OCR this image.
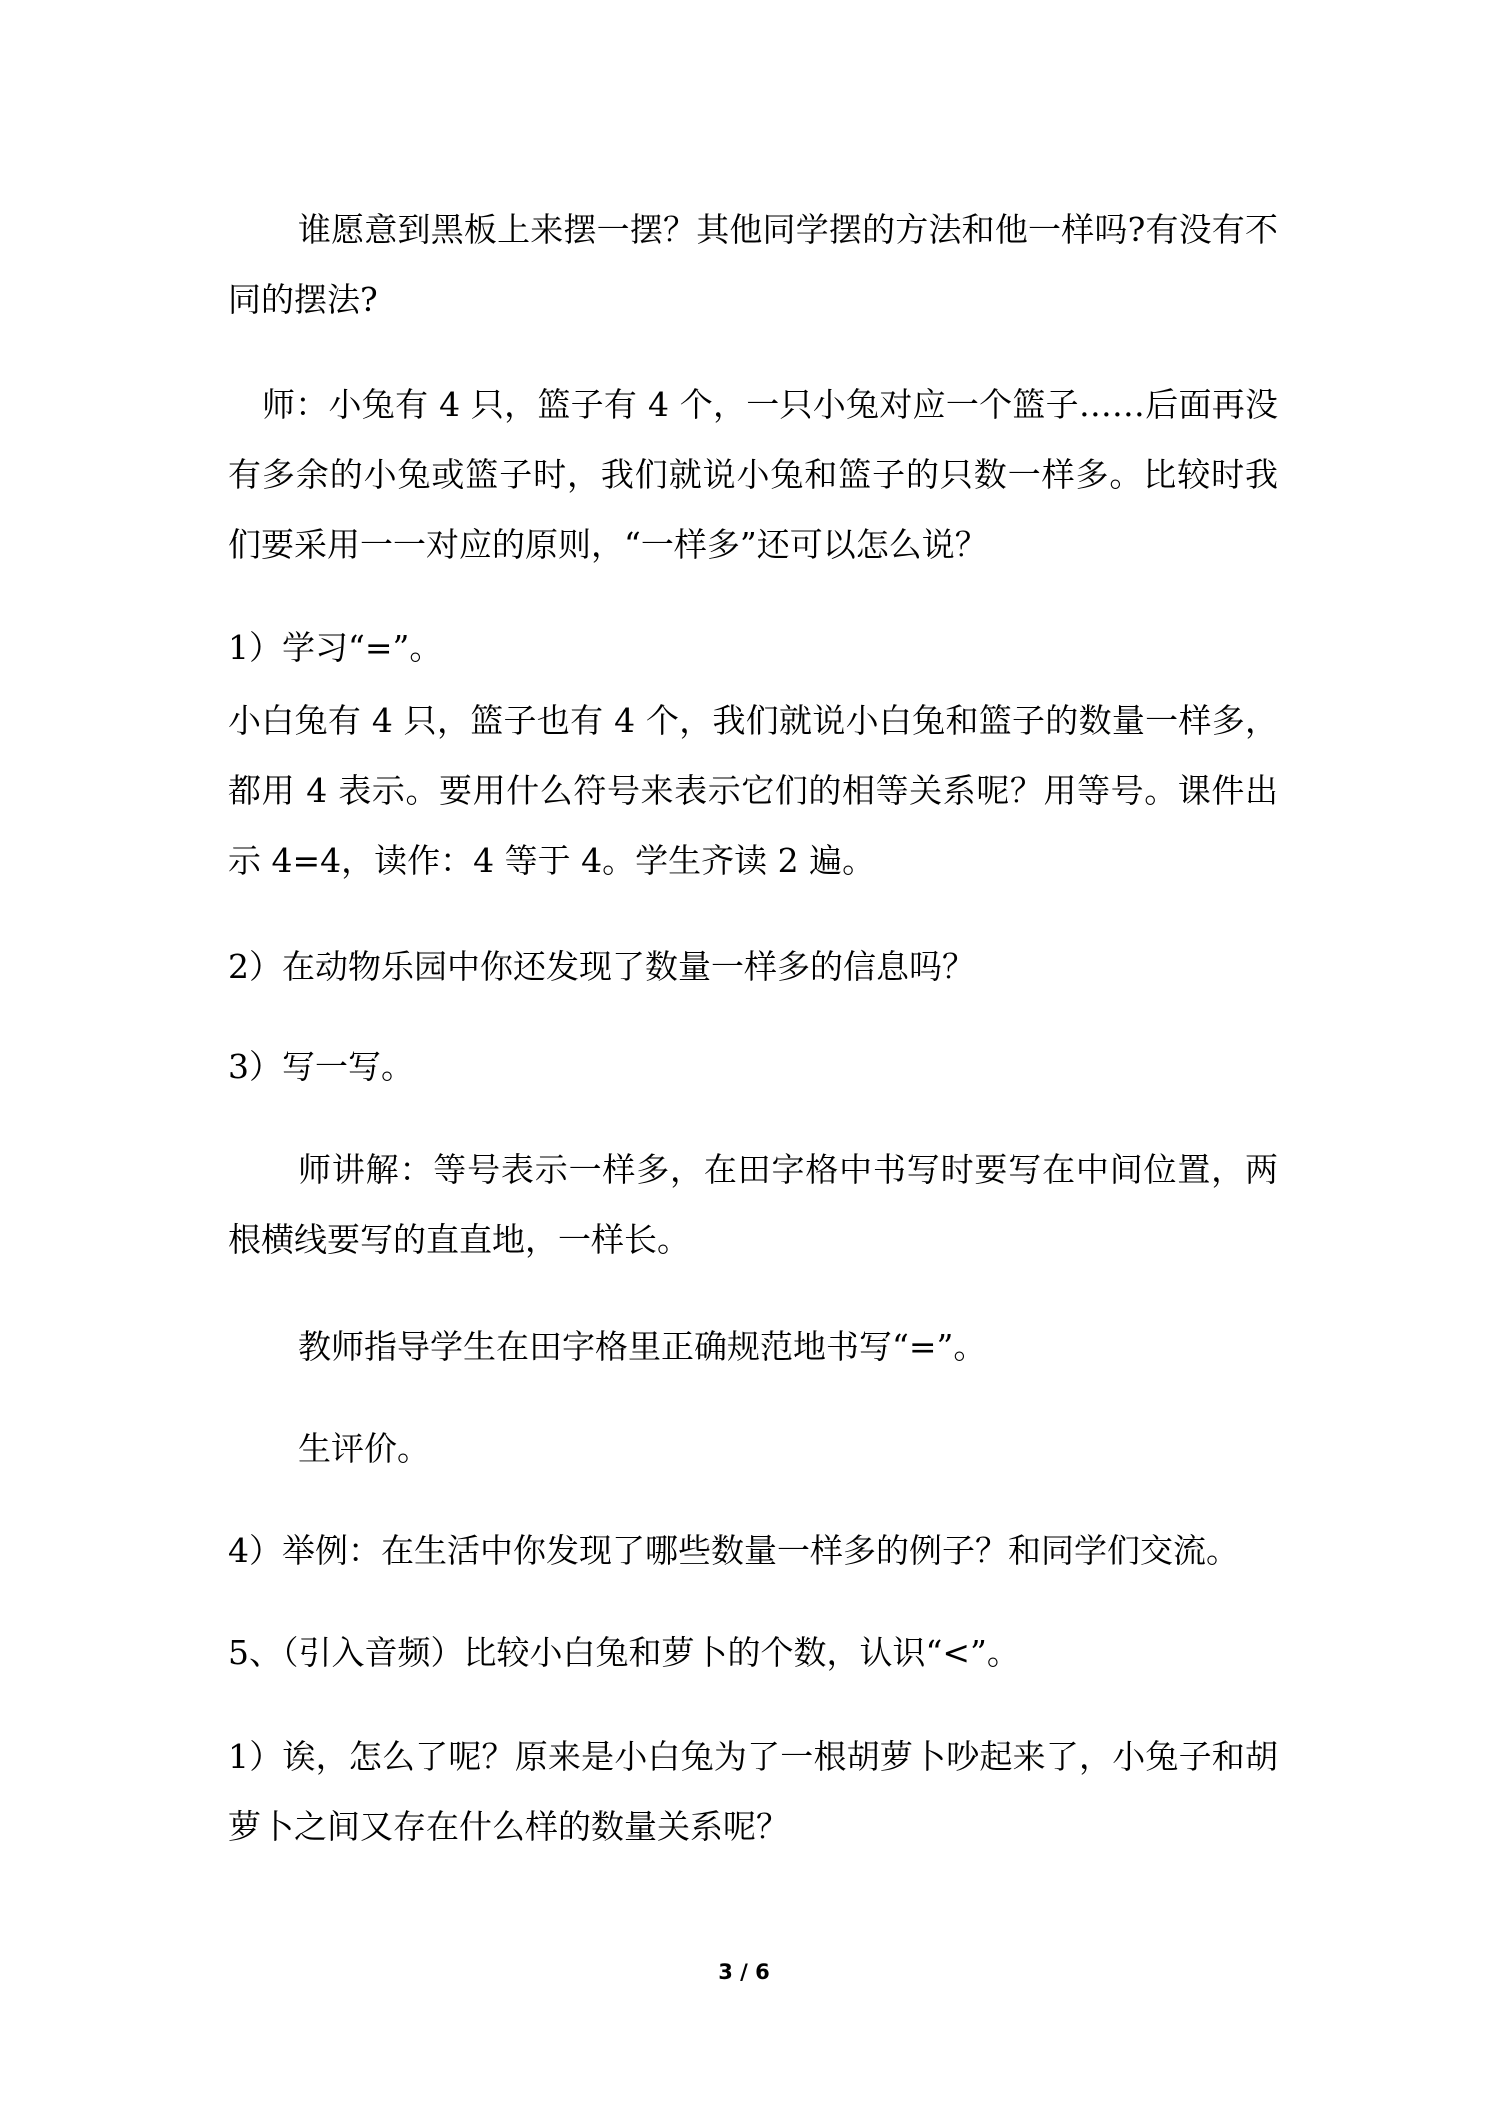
谁愿意到黑板上来摆一摆？其他同学摆的方法和他一样吗?有没有不同的摆法?

师：小兔有 4 只，篮子有 4 个，一只小兔对应一个篮子……后面再没有多余的小兔或篮子时，我们就说小兔和篮子的只数一样多。比较时我们要采用一一对应的原则，“一样多”还可以怎么说？

1）学习“=”。

小白兔有 4 只，篮子也有 4 个，我们就说小白兔和篮子的数量一样多，都用 4 表示。要用什么符号来表示它们的相等关系呢？用等号。课件出示 4=4，读作：4 等于 4。学生齐读 2 遍。

2）在动物乐园中你还发现了数量一样多的信息吗？

3）写一写。

师讲解：等号表示一样多，在田字格中书写时要写在中间位置，两根横线要写的直直地，一样长。

教师指导学生在田字格里正确规范地书写“=”。

生评价。

4）举例：在生活中你发现了哪些数量一样多的例子？和同学们交流。

5、（引入音频）比较小白兔和萝卜的个数，认识“<”。

1）诶，怎么了呢？原来是小白兔为了一根胡萝卜吵起来了，小兔子和胡萝卜之间又存在什么样的数量关系呢？

3 / 6
